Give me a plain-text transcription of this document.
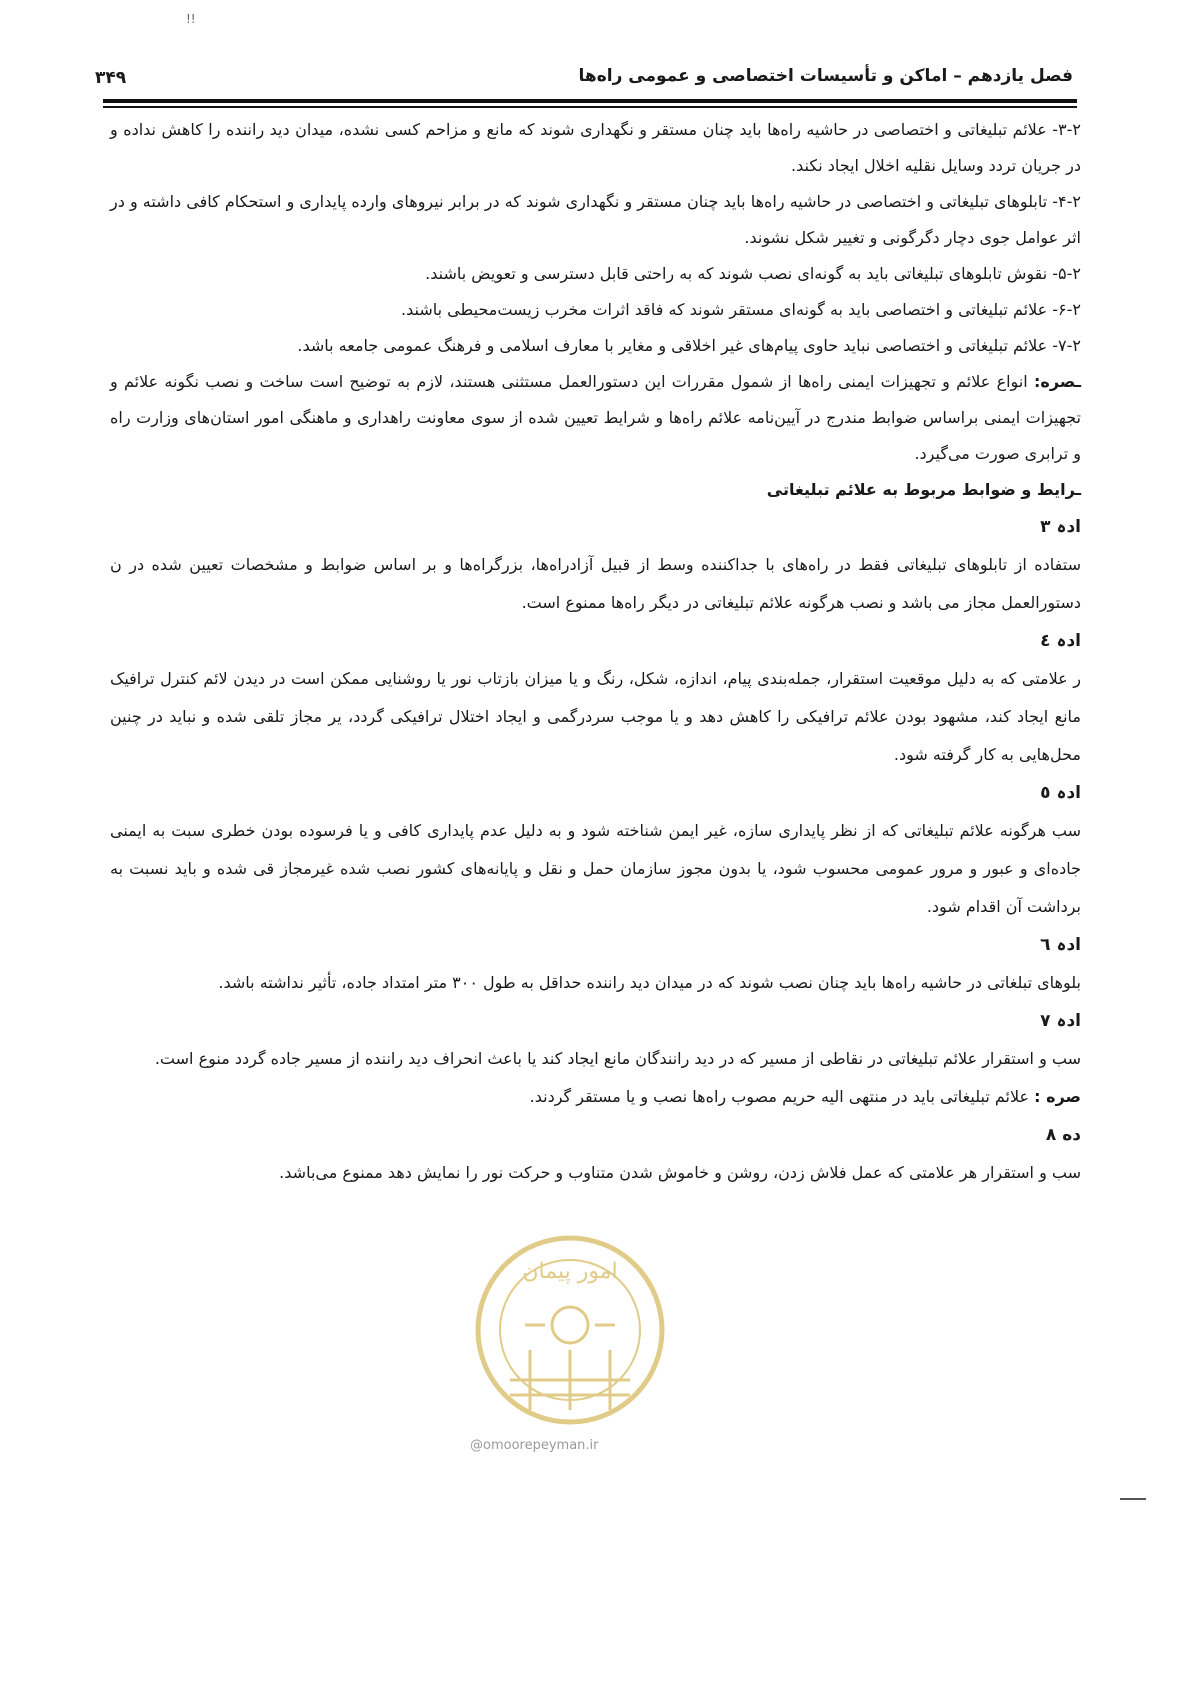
!!
فصل یازدهم – اماکن و تأسیسات اختصاصی و عمومی راه‌ها
۳۴۹

۳-۲- علائم تبلیغاتی و اختصاصی در حاشیه راه‌ها باید چنان مستقر و نگهداری شوند که مانع و مزاحم کسی نشده، میدان دید راننده را کاهش نداده و در جریان تردد وسایل نقلیه اخلال ایجاد نکند.

۴-۲- تابلوهای تبلیغاتی و اختصاصی در حاشیه راه‌ها باید چنان مستقر و نگهداری شوند که در برابر نیروهای وارده پایداری و استحکام کافی داشته و در اثر عوامل جوی دچار دگرگونی و تغییر شکل نشوند.

۵-۲- نقوش تابلوهای تبلیغاتی باید به گونه‌ای نصب شوند که به راحتی قابل دسترسی و تعویض باشند.

۶-۲- علائم تبلیغاتی و اختصاصی باید به گونه‌ای مستقر شوند که فاقد اثرات مخرب زیست‌محیطی باشند.

۷-۲- علائم تبلیغاتی و اختصاصی نباید حاوی پیام‌های غیر اخلاقی و مغایر با معارف اسلامی و فرهنگ عمومی جامعه باشد.

ـصره: انواع علائم و تجهیزات ایمنی راه‌ها از شمول مقررات این دستورالعمل مستثنی هستند، لازم به توضیح است ساخت و نصب نگونه علائم و تجهیزات ایمنی براساس ضوابط مندرج در آیین‌نامه علائم راه‌ها و شرایط تعیین شده از سوی معاونت راهداری و ماهنگی امور استان‌های وزارت راه و ترابری صورت می‌گیرد.

ـرایط و ضوابط مربوط به علائم تبلیغاتی

ادہ ۳

ستفاده از تابلوهای تبلیغاتی فقط در راه‌های با جداکننده وسط از قبیل آزادراه‌ها، بزرگراه‌ها و بر اساس ضوابط و مشخصات تعیین شده در ن دستورالعمل مجاز می باشد و نصب هرگونه علائم تبلیغاتی در دیگر راه‌ها ممنوع است.

ادہ ٤

ر علامتی که به دلیل موقعیت استقرار، جمله‌بندی پیام، اندازه، شکل، رنگ و یا میزان بازتاب نور یا روشنایی ممکن است در دیدن لائم کنترل ترافیک مانع ایجاد کند، مشهود بودن علائم ترافیکی را کاهش دهد و یا موجب سردرگمی و ایجاد اختلال ترافیکی گردد، یر مجاز تلقی شده و نباید در چنین محل‌هایی به کار گرفته شود.

ادہ ٥

سب هرگونه علائم تبلیغاتی که از نظر پایداری سازه، غیر ایمن شناخته شود و به دلیل عدم پایداری کافی و یا فرسوده بودن خطری سبت به ایمنی جاده‌ای و عبور و مرور عمومی محسوب شود، یا بدون مجوز سازمان حمل و نقل و پایانه‌های کشور نصب شده غیرمجاز قی شده و باید نسبت به برداشت آن اقدام شود.

ادہ ٦

بلوهای تبلغاتی در حاشیه راه‌ها باید چنان نصب شوند که در میدان دید راننده حداقل به طول ۳۰۰ متر امتداد جاده، تأثیر نداشته باشد.

ادہ ٧

سب و استقرار علائم تبلیغاتی در نقاطی از مسیر که در دید رانندگان مانع ایجاد کند یا باعث انحراف دید راننده از مسیر جاده گردد منوع است.

صره : علائم تبلیغاتی باید در منتهی الیه حریم مصوب راه‌ها نصب و یا مستقر گردند.

ده ۸

سب و استقرار هر علامتی که عمل فلاش زدن، روشن و خاموش شدن متناوب و حرکت نور را نمایش دهد ممنوع می‌باشد.

امور پیمان
@omoorepeyman.ir
